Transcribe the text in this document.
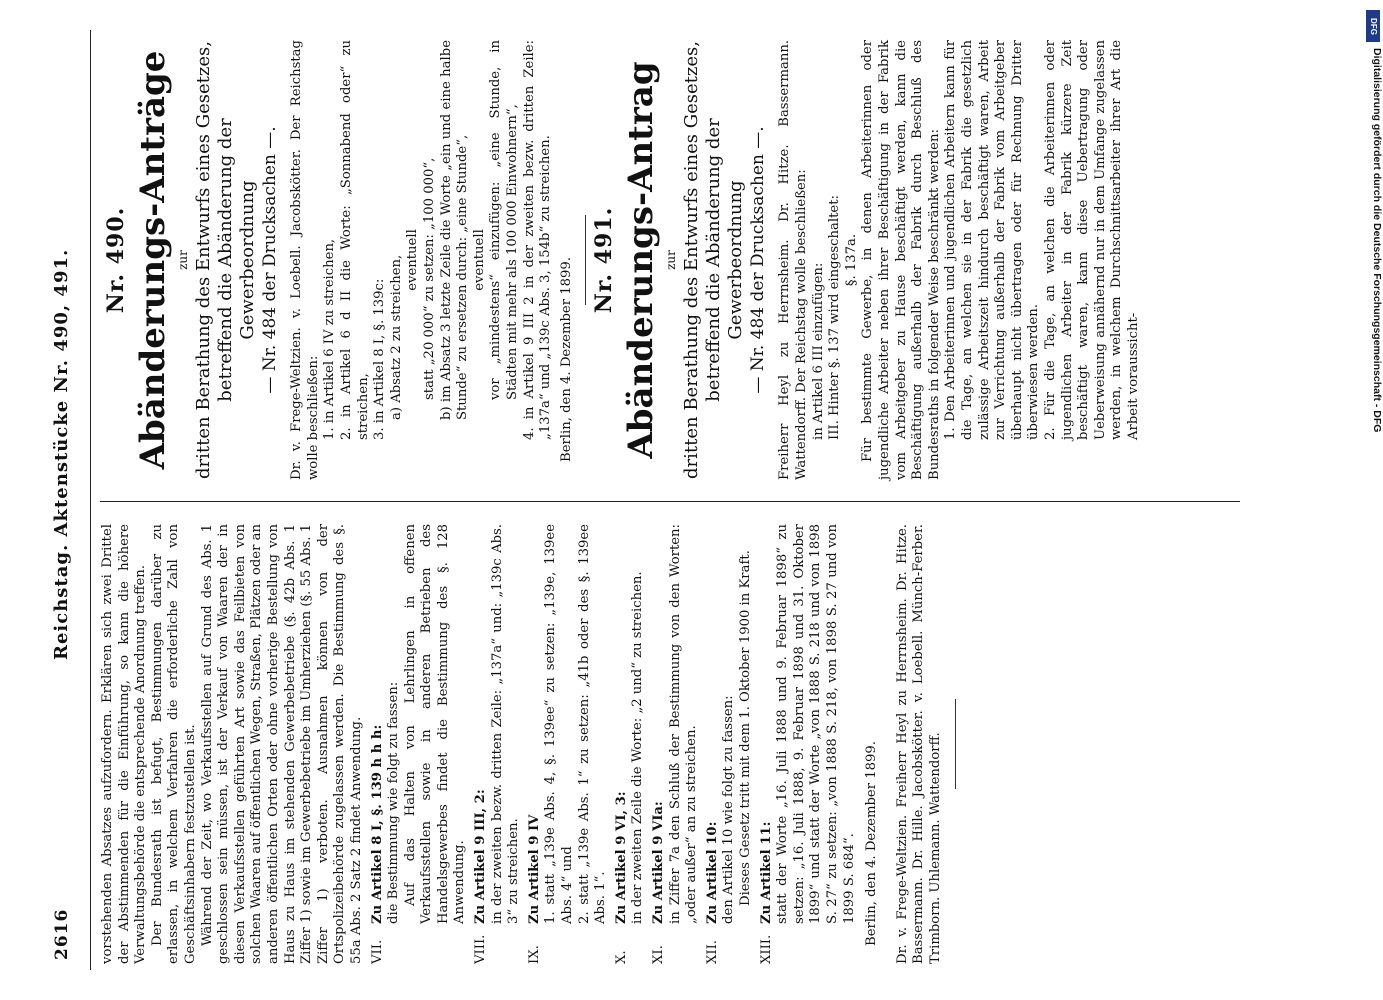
2616
Reichstag. Aktenstücke Nr. 490, 491.

vorstehenden Absatzes aufzufordern. Erklären sich zwei Drittel der Abstimmenden für die Einführung, so kann die höhere Verwaltungsbehörde die entsprechende Anordnung treffen. Der Bundesrath ist befugt, Bestimmungen darüber zu erlassen, in welchem Verfahren die erforderliche Zahl von Geschäftsinhabern festzustellen ist. Während der Zeit, wo Verkaufsstellen auf Grund des Abs. 1 geschlossen sein müssen, ist der Verkauf von Waaren der in diesen Verkaufsstellen geführten Art sowie das Feilbieten von solchen Waaren auf öffentlichen Wegen, Straßen, Plätzen oder an anderen öffentlichen Orten oder ohne vorherige Bestellung von Haus zu Haus im stehenden Gewerbebetriebe (§. 42b Abs. 1 Ziffer 1) sowie im Gewerbebetriebe im Umherziehen (§. 55 Abs. 1 Ziffer 1) verboten. Ausnahmen können von der Ortspolizeibehörde zugelassen werden. Die Bestimmung des §. 55a Abs. 2 Satz 2 findet Anwendung. VII.

Zu Artikel 8 I, §. 139 h h h: die Bestimmung wie folgt zu fassen: Auf das Halten von Lehrlingen in offenen Verkaufsstellen sowie in anderen Betrieben des Handelsgewerbes findet die Bestimmung des §. 128 Anwendung.

VIII.

Zu Artikel 9 III, 2: in der zweiten bezw. dritten Zeile: „137a“ und: „139c Abs. 3“ zu streichen.

IX.

Zu Artikel 9 IV 1. statt „139e Abs. 4, §. 139ee“ zu setzen: „139e, 139ee Abs. 4“ und 2. statt „139e Abs. 1“ zu setzen: „41b oder des §. 139ee Abs. 1“.

X.

Zu Artikel 9 VI, 3: in der zweiten Zeile die Worte: „2 und“ zu streichen.

XI.

Zu Artikel 9 VIa: in Ziffer 7a den Schluß der Bestimmung von den Worten: „oder außer“ an zu streichen.

XII.

Zu Artikel 10: den Artikel 10 wie folgt zu fassen: Dieses Gesetz tritt mit dem 1. Oktober 1900 in Kraft.

XIII.

Zu Artikel 11: statt der Worte „16. Juli 1888 und 9. Februar 1898“ zu setzen: „16. Juli 1888, 9. Februar 1898 und 31. Oktober 1899“ und statt der Worte „von 1888 S. 218 und von 1898 S. 27“ zu setzen: „von 1888 S. 218, von 1898 S. 27 und von 1899 S. 684“. Berlin, den 4. Dezember 1899. Dr. v. Frege-Weltzien. Freiherr Heyl zu Herrnsheim. Dr. Hitze. Bassermann. Dr. Hille. Jacobskötter. v. Loebell. Münch-Ferber. Trimborn. Uhlemann. Wattendorff.

Nr. 490. Abänderungs-Anträge zur dritten Berathung des Entwurfs eines Gesetzes, betreffend die Abänderung der Gewerbeordnung — Nr. 484 der Drucksachen —. Dr. v. Frege-Weltzien. v. Loebell. Jacobskötter. Der Reichstag wolle beschließen: 1. in Artikel 6 IV zu streichen, 2. in Artikel 6 d II die Worte: „Sonnabend oder“ zu streichen, 3. in Artikel 8 I, §. 139c: a) Absatz 2 zu streichen, eventuell statt „20 000“ zu setzen: „100 000“, b) im Absatz 3 letzte Zeile die Worte „ein und eine halbe Stunde“ zu ersetzen durch: „eine Stunde“, eventuell vor „mindestens“ einzufügen: „eine Stunde, in Städten mit mehr als 100 000 Einwohnern“, 4. in Artikel 9 III 2 in der zweiten bezw. dritten Zeile: „137a“ und „139c Abs. 3, 154b“ zu streichen. Berlin, den 4. Dezember 1899. Nr. 491. Abänderungs-Antrag zur dritten Berathung des Entwurfs eines Gesetzes, betreffend die Abänderung der Gewerbeordnung — Nr. 484 der Drucksachen —. Freiherr Heyl zu Herrnsheim. Dr. Hitze. Bassermann. Wattendorff. Der Reichstag wolle beschließen: in Artikel 6 III einzufügen: III. Hinter §. 137 wird eingeschaltet: §. 137a. Für bestimmte Gewerbe, in denen Arbeiterinnen oder jugendliche Arbeiter neben ihrer Beschäftigung in der Fabrik vom Arbeitgeber zu Hause beschäftigt werden, kann die Beschäftigung außerhalb der Fabrik durch Beschluß des Bundesraths in folgender Weise beschränkt werden: 1. Den Arbeiterinnen und jugendlichen Arbeitern kann für die Tage, an welchen sie in der Fabrik die gesetzlich zulässige Arbeitszeit hindurch beschäftigt waren, Arbeit zur Verrichtung außerhalb der Fabrik vom Arbeitgeber überhaupt nicht übertragen oder für Rechnung Dritter überwiesen werden. 2. Für die Tage, an welchen die Arbeiterinnen oder jugendlichen Arbeiter in der Fabrik kürzere Zeit beschäftigt waren, kann diese Uebertragung oder Ueberweisung annähernd nur in dem Umfange zugelassen werden, in welchem Durchschnittsarbeiter ihrer Art die Arbeit voraussicht-

DFG
Digitalisierung gefördert durch die Deutsche Forschungsgemeinschaft - DFG
